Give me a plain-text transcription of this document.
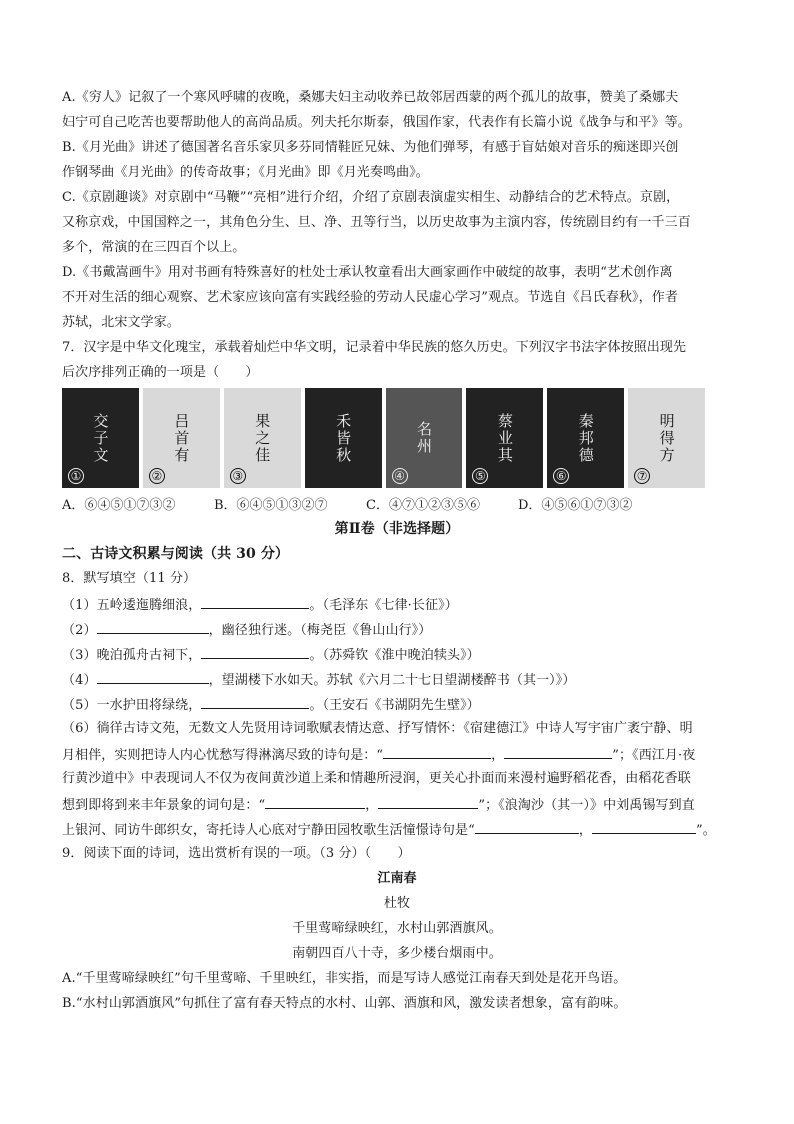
A.《穷人》记叙了一个寒风呼啸的夜晚，桑娜夫妇主动收养已故邻居西蒙的两个孤儿的故事，赞美了桑娜夫
妇宁可自己吃苦也要帮助他人的高尚品质。列夫托尔斯泰，俄国作家，代表作有长篇小说《战争与和平》等。
B.《月光曲》讲述了德国著名音乐家贝多芬同情鞋匠兄妹、为他们弹琴，有感于盲姑娘对音乐的痴迷即兴创
作钢琴曲《月光曲》的传奇故事；《月光曲》即《月光奏鸣曲》。
C.《京剧趣谈》对京剧中“马鞭”“亮相”进行介绍，介绍了京剧表演虚实相生、动静结合的艺术特点。京剧，
又称京戏，中国国粹之一，其角色分生、旦、净、丑等行当，以历史故事为主演内容，传统剧目约有一千三百
多个，常演的在三四百个以上。
D.《书戴嵩画牛》用对书画有特殊喜好的杜处士承认牧童看出大画家画作中破绽的故事，表明“艺术创作离
不开对生活的细心观察、艺术家应该向富有实践经验的劳动人民虚心学习”观点。节选自《吕氏春秋》，作者
苏轼，北宋文学家。
7．汉字是中华文化瑰宝，承载着灿烂中华文明，记录着中华民族的悠久历史。下列汉字书法字体按照出现先
后次序排列正确的一项是（　　）
交子文
①
吕首有
②
果之佳
③
禾皆秋	名州
④
蔡业其
⑤
秦邦德
⑥
明得方
⑦
A．⑥④⑤①⑦③②	B．⑥④⑤①③②⑦	C．④⑦①②③⑤⑥	D．④⑤⑥①⑦③②
第Ⅱ卷（非选择题）
二、古诗文积累与阅读（共 30 分）
8．默写填空（11 分）
（1）五岭逶迤腾细浪，	。（毛泽东《七律·长征》）
（2）	，幽径独行迷。（梅尧臣《鲁山山行》）
（3）晚泊孤舟古祠下，	。（苏舜钦《淮中晚泊犊头》）
（4）	，望湖楼下水如天。苏轼《六月二十七日望湖楼醉书（其一）》）
（5）一水护田将绿绕，	。（王安石《书湖阴先生壁》）
（6）徜徉古诗文苑，无数文人先贤用诗词歌赋表情达意、抒写情怀：《宿建德江》中诗人写宇宙广袤宁静、明
月相伴，实则把诗人内心忧愁写得淋漓尽致的诗句是：“	，	”；《西江月·夜
行黄沙道中》中表现词人不仅为夜间黄沙道上柔和情趣所浸润，更关心扑面而来漫村遍野稻花香，由稻花香联
想到即将到来丰年景象的词句是：“	，	”；《浪淘沙（其一）》中刘禹锡写到直
上银河、同访牛郎织女，寄托诗人心底对宁静田园牧歌生活憧憬诗句是“	，	”。
9．阅读下面的诗词，选出赏析有误的一项。（3 分）（　　）
江南春
杜牧
千里莺啼绿映红，水村山郭酒旗风。
南朝四百八十寺，多少楼台烟雨中。
A.“千里莺啼绿映红”句千里莺啼、千里映红，非实指，而是写诗人感觉江南春天到处是花开鸟语。
B.“水村山郭酒旗风”句抓住了富有春天特点的水村、山郭、酒旗和风，激发读者想象，富有韵味。
